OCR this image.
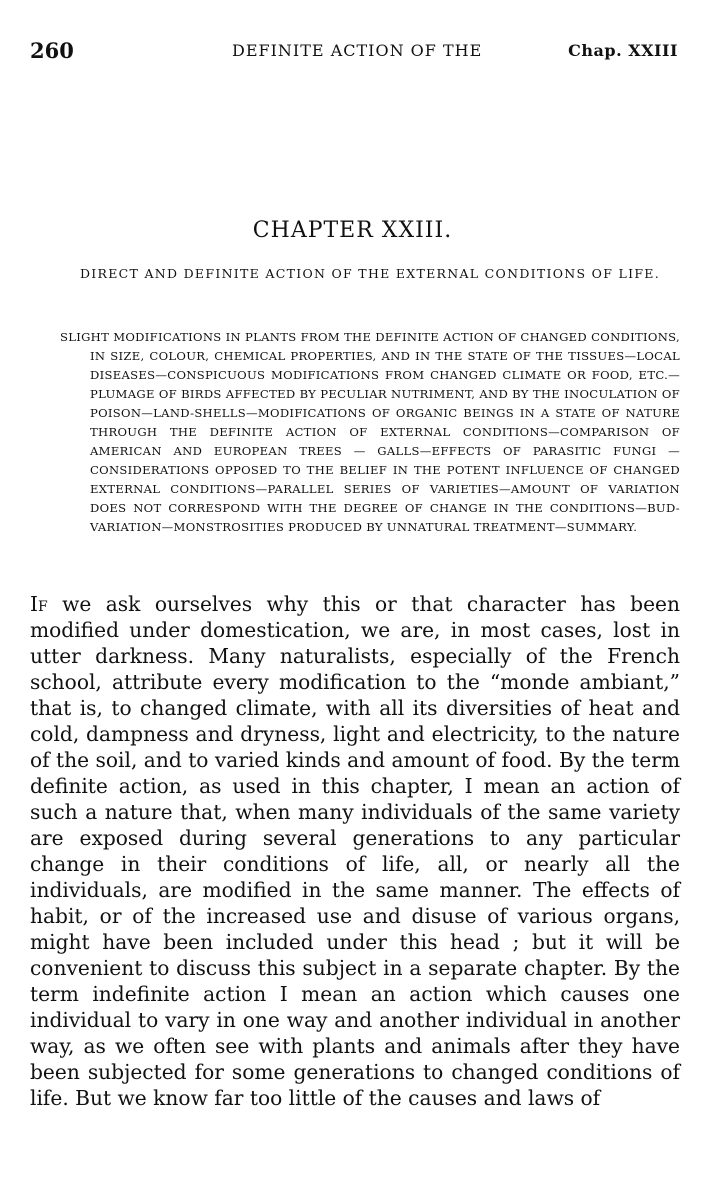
260	DEFINITE ACTION OF THE	Chap. XXIII
CHAPTER XXIII.
DIRECT AND DEFINITE ACTION OF THE EXTERNAL CONDITIONS OF LIFE.

SLIGHT MODIFICATIONS IN PLANTS FROM THE DEFINITE ACTION OF CHANGED CONDITIONS, IN SIZE, COLOUR, CHEMICAL PROPERTIES, AND IN THE STATE OF THE TISSUES—LOCAL DISEASES—CONSPICUOUS MODIFICATIONS FROM CHANGED CLIMATE OR FOOD, ETC.—PLUMAGE OF BIRDS AFFECTED BY PECULIAR NUTRIMENT, AND BY THE INOCULATION OF POISON—LAND-SHELLS—MODIFICATIONS OF ORGANIC BEINGS IN A STATE OF NATURE THROUGH THE DEFINITE ACTION OF EXTERNAL CONDITIONS—COMPARISON OF AMERICAN AND EUROPEAN TREES — GALLS—EFFECTS OF PARASITIC FUNGI — CONSIDERATIONS OPPOSED TO THE BELIEF IN THE POTENT INFLUENCE OF CHANGED EXTERNAL CONDITIONS—PARALLEL SERIES OF VARIETIES—AMOUNT OF VARIATION DOES NOT CORRESPOND WITH THE DEGREE OF CHANGE IN THE CONDITIONS—BUD-VARIATION—MONSTROSITIES PRODUCED BY UNNATURAL TREATMENT—SUMMARY.

If we ask ourselves why this or that character has been modified under domestication, we are, in most cases, lost in utter darkness. Many naturalists, especially of the French school, attribute every modification to the “monde ambiant,” that is, to changed climate, with all its diversities of heat and cold, dampness and dryness, light and electricity, to the nature of the soil, and to varied kinds and amount of food. By the term definite action, as used in this chapter, I mean an action of such a nature that, when many individuals of the same variety are exposed during several generations to any particular change in their conditions of life, all, or nearly all the individuals, are modified in the same manner. The effects of habit, or of the increased use and disuse of various organs, might have been included under this head ; but it will be convenient to discuss this subject in a separate chapter. By the term indefinite action I mean an action which causes one individual to vary in one way and another individual in another way, as we often see with plants and animals after they have been subjected for some generations to changed conditions of life. But we know far too little of the causes and laws of
